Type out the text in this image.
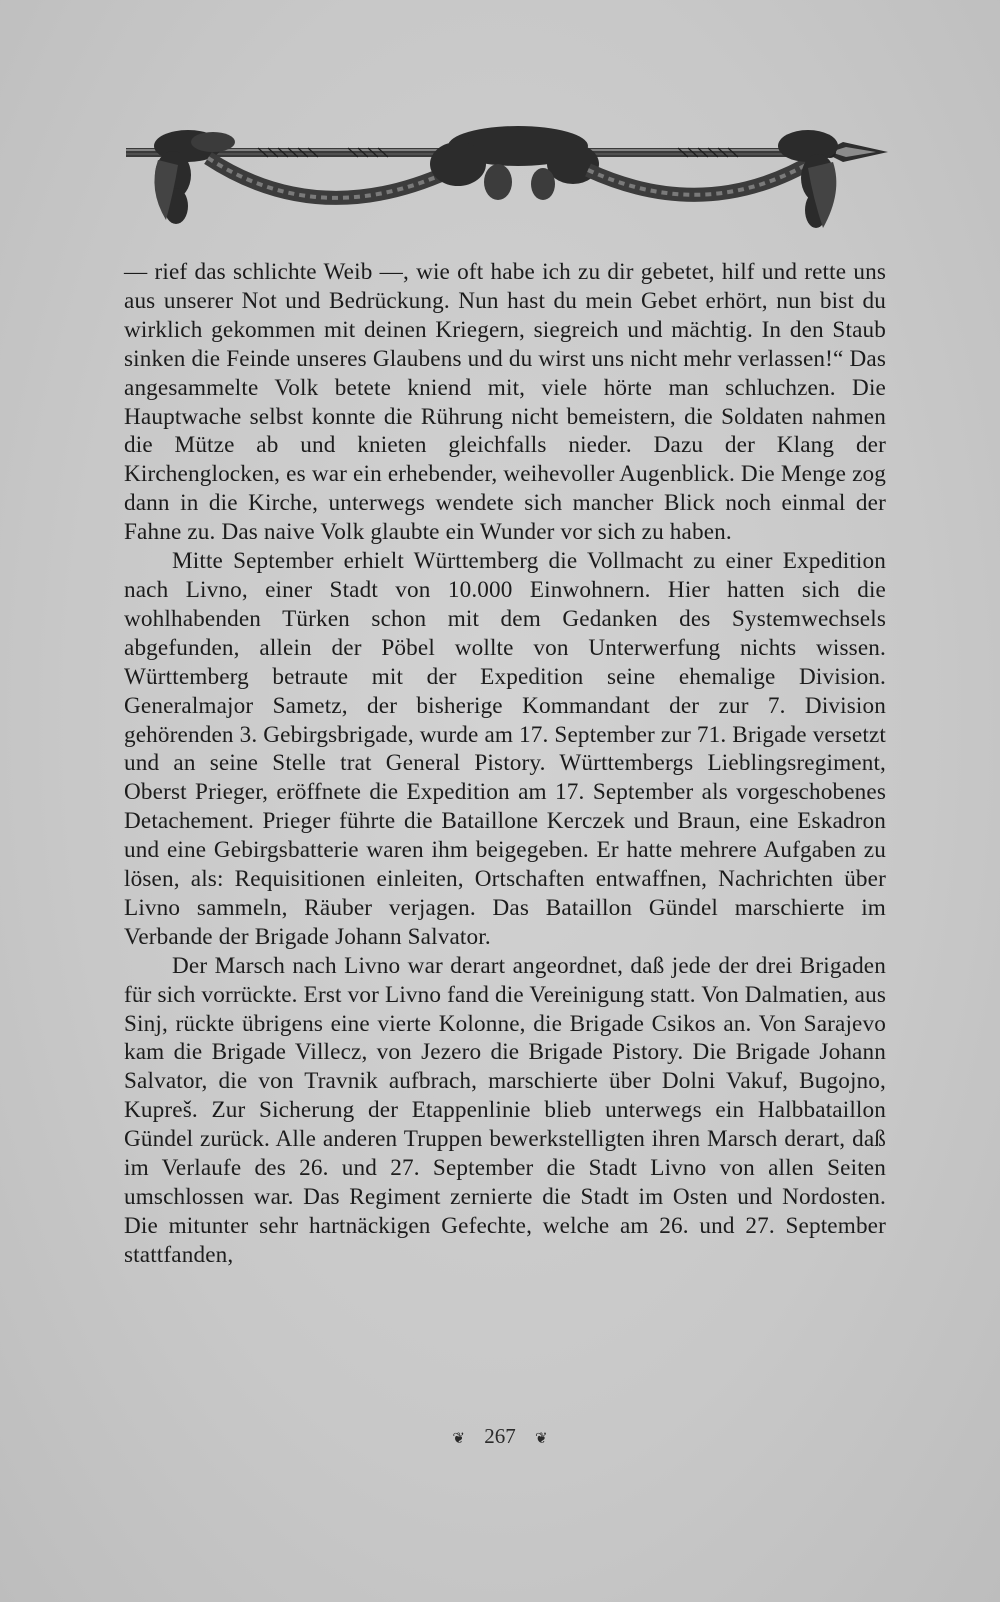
— rief das schlichte Weib —, wie oft habe ich zu dir gebetet, hilf und rette uns aus unserer Not und Bedrückung. Nun hast du mein Gebet erhört, nun bist du wirklich gekommen mit deinen Kriegern, siegreich und mächtig. In den Staub sinken die Feinde unseres Glaubens und du wirst uns nicht mehr verlassen!“ Das angesammelte Volk betete kniend mit, viele hörte man schluchzen. Die Hauptwache selbst konnte die Rührung nicht bemeistern, die Soldaten nahmen die Mütze ab und knieten gleichfalls nieder. Dazu der Klang der Kirchenglocken, es war ein erhebender, weihevoller Augenblick. Die Menge zog dann in die Kirche, unterwegs wendete sich mancher Blick noch einmal der Fahne zu. Das naive Volk glaubte ein Wunder vor sich zu haben.

Mitte September erhielt Württemberg die Vollmacht zu einer Expedition nach Livno, einer Stadt von 10.000 Einwohnern. Hier hatten sich die wohlhabenden Türken schon mit dem Gedanken des Systemwechsels abgefunden, allein der Pöbel wollte von Unterwerfung nichts wissen. Württemberg betraute mit der Expedition seine ehemalige Division. Generalmajor Sametz, der bisherige Kommandant der zur 7. Division gehörenden 3. Gebirgsbrigade, wurde am 17. September zur 71. Brigade versetzt und an seine Stelle trat General Pistory. Württembergs Lieblingsregiment, Oberst Prieger, eröffnete die Expedition am 17. September als vorgeschobenes Detachement. Prieger führte die Bataillone Kerczek und Braun, eine Eskadron und eine Gebirgsbatterie waren ihm beigegeben. Er hatte mehrere Aufgaben zu lösen, als: Requisitionen einleiten, Ortschaften entwaffnen, Nachrichten über Livno sammeln, Räuber verjagen. Das Bataillon Gündel marschierte im Verbande der Brigade Johann Salvator.

Der Marsch nach Livno war derart angeordnet, daß jede der drei Brigaden für sich vorrückte. Erst vor Livno fand die Vereinigung statt. Von Dalmatien, aus Sinj, rückte übrigens eine vierte Kolonne, die Brigade Csikos an. Von Sarajevo kam die Brigade Villecz, von Jezero die Brigade Pistory. Die Brigade Johann Salvator, die von Travnik aufbrach, marschierte über Dolni Vakuf, Bugojno, Kupreš. Zur Sicherung der Etappenlinie blieb unterwegs ein Halbbataillon Gündel zurück. Alle anderen Truppen bewerkstelligten ihren Marsch derart, daß im Verlaufe des 26. und 27. September die Stadt Livno von allen Seiten umschlossen war. Das Regiment zernierte die Stadt im Osten und Nordosten. Die mitunter sehr hartnäckigen Gefechte, welche am 26. und 27. September stattfanden,

❦ 267 ❦
